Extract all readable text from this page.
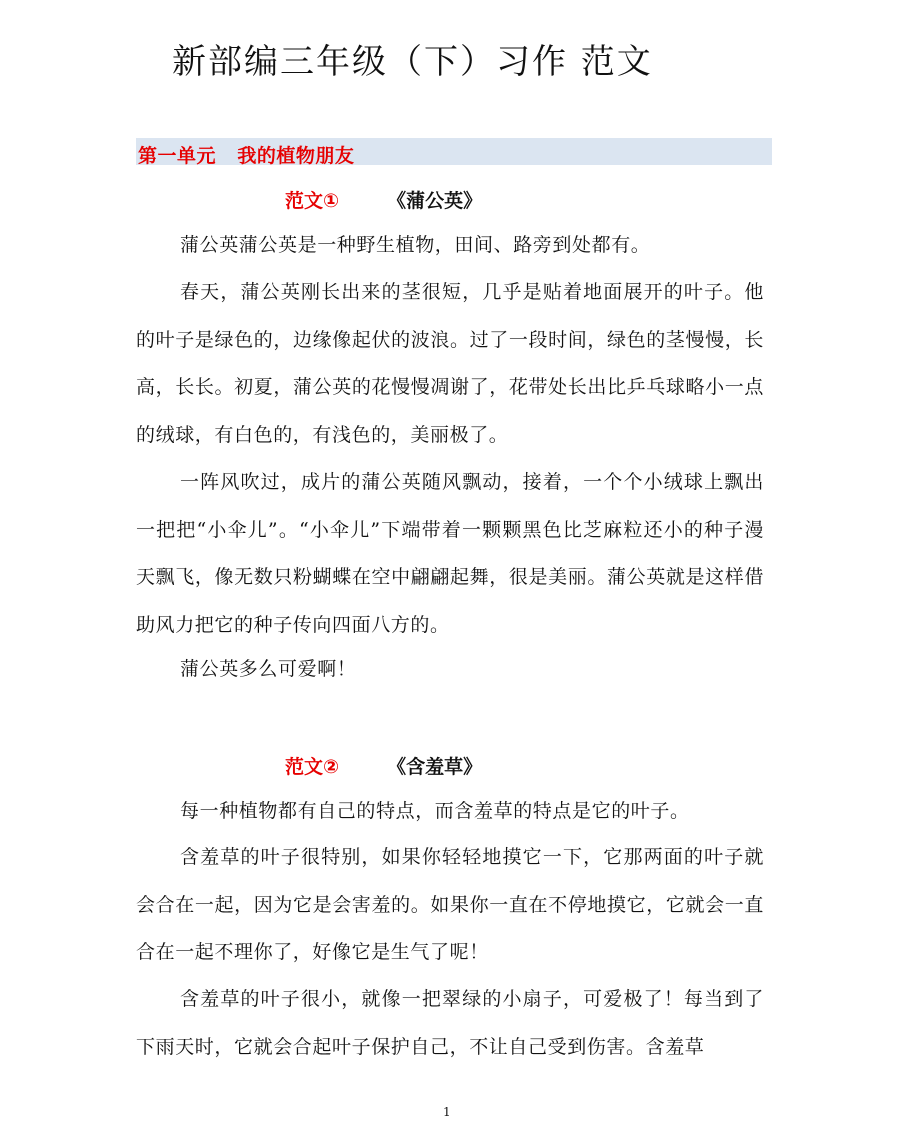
新部编三年级（下）习作 范文
第一单元   我的植物朋友
范文①	《蒲公英》

蒲公英蒲公英是一种野生植物，田间、路旁到处都有。

春天，蒲公英刚长出来的茎很短，几乎是贴着地面展开的叶子。他的叶子是绿色的，边缘像起伏的波浪。过了一段时间，绿色的茎慢慢，长高，长长。初夏，蒲公英的花慢慢凋谢了，花带处长出比乒乓球略小一点的绒球，有白色的，有浅色的，美丽极了。

一阵风吹过，成片的蒲公英随风飘动，接着，一个个小绒球上飘出一把把“小伞儿”。“小伞儿”下端带着一颗颗黑色比芝麻粒还小的种子漫天飘飞，像无数只粉蝴蝶在空中翩翩起舞，很是美丽。蒲公英就是这样借助风力把它的种子传向四面八方的。

蒲公英多么可爱啊！

范文②	《含羞草》

每一种植物都有自己的特点，而含羞草的特点是它的叶子。

含羞草的叶子很特别，如果你轻轻地摸它一下，它那两面的叶子就会合在一起，因为它是会害羞的。如果你一直在不停地摸它，它就会一直合在一起不理你了，好像它是生气了呢！

含羞草的叶子很小，就像一把翠绿的小扇子，可爱极了！每当到了下雨天时，它就会合起叶子保护自己，不让自己受到伤害。含羞草

1
